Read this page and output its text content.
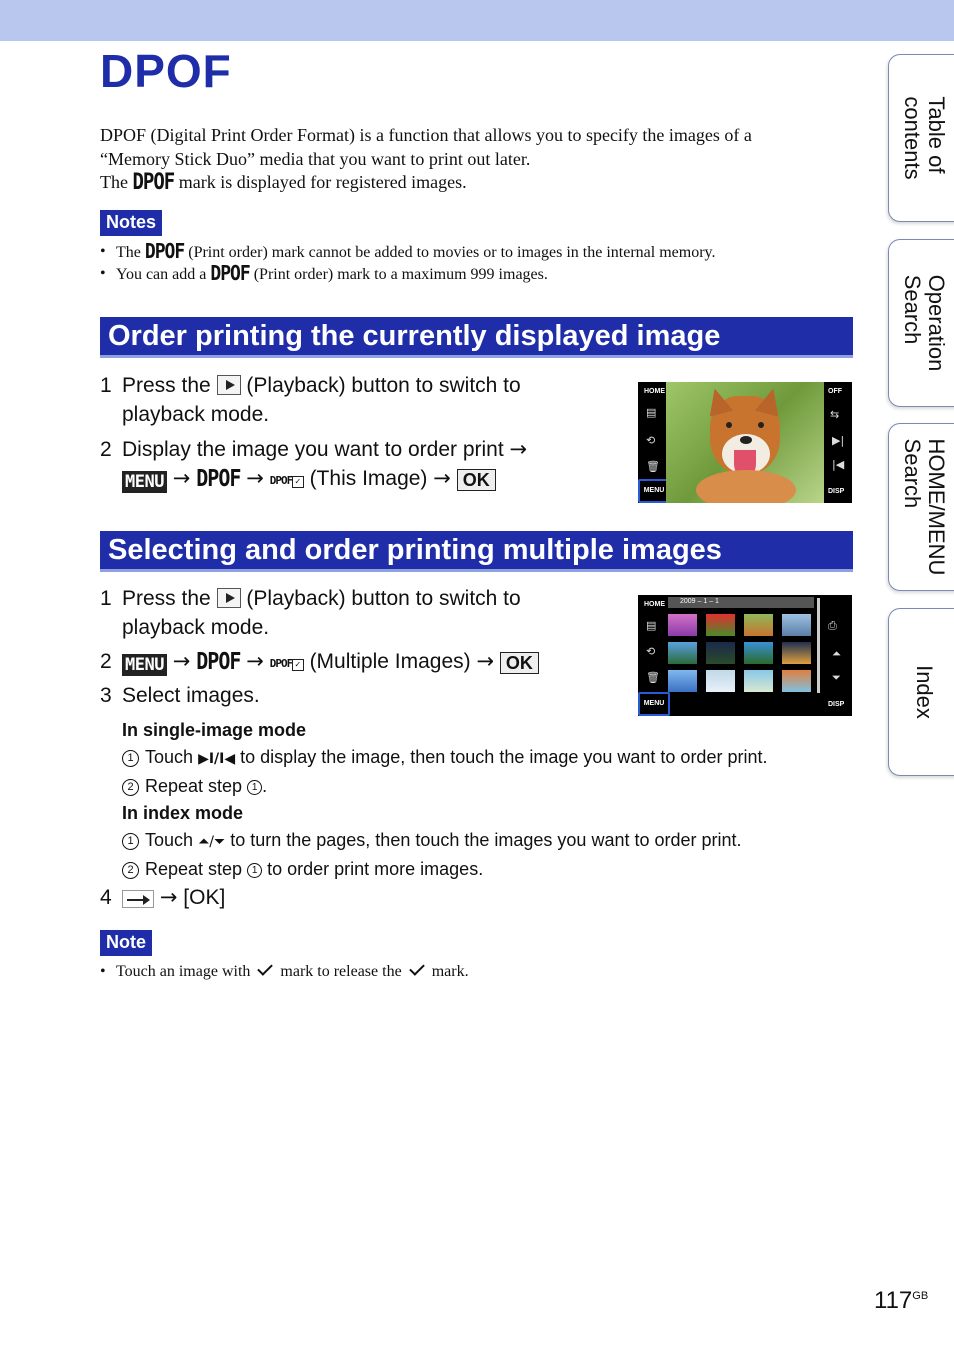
DPOF

DPOF (Digital Print Order Format) is a function that allows you to specify the images of a

“Memory Stick Duo” media that you want to print out later.

The DPOF mark is displayed for registered images.

Notes
• The DPOF (Print order) mark cannot be added to movies or to images in the internal memory.
• You can add a DPOF (Print order) mark to a maximum 999 images.
Order printing the currently displayed image
1 Press the (Playback) button to switch to
playback mode.
2 Display the image you want to order print →
MENU → DPOF → DPOF ✓ (This Image) → OK
HOME
▤
⟲
🗑
MENU
OFF
⇆
▶|
|◀
DISP
Selecting and order printing multiple images
1 Press the (Playback) button to switch to
playback mode.
2 MENU → DPOF → DPOF ✓ (Multiple Images) → OK
3 Select images.
In single-image mode
1 Touch ▶I/I◀ to display the image, then touch the image you want to order print.
2 Repeat step 1 .
In index mode
1 Touch ⏶/⏷ to turn the pages, then touch the images you want to order print.
2 Repeat step 1 to order print more images.
4 → [OK]
HOME
▤
⟲
🗑
MENU
2009 – 1 – 1
⎙
⏶
⏷
DISP
Note
• Touch an image with mark to release the mark.
Table of
contents
Operation
Search
HOME/MENU
Search
Index
$117^{GB}$
